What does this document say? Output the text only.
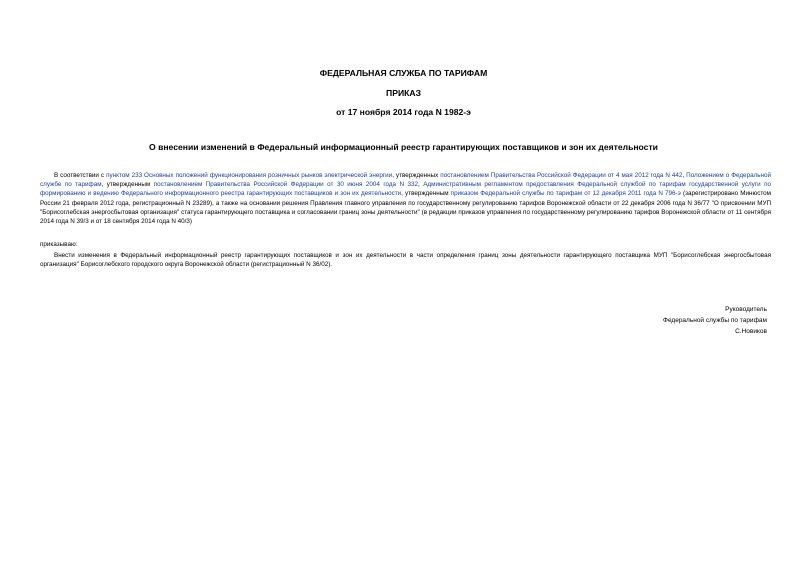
ФЕДЕРАЛЬНАЯ СЛУЖБА ПО ТАРИФАМ
ПРИКАЗ
от 17 ноября 2014 года N 1982-э
О внесении изменений в Федеральный информационный реестр гарантирующих поставщиков и зон их деятельности

В соответствии с пунктом 233 Основных положений функционирования розничных рынков электрической энергии, утвержденных постановлением Правительства Российской Федерации от 4 мая 2012 года N 442, Положением о Федеральной службе по тарифам, утвержденным постановлением Правительства Российской Федерации от 30 июня 2004 года N 332, Административным регламентом предоставления Федеральной службой по тарифам государственной услуги по формированию и ведению Федерального информационного реестра гарантирующих поставщиков и зон их деятельности, утвержденным приказом Федеральной службы по тарифам от 12 декабря 2011 года N 796-э (зарегистрировано Минюстом России 21 февраля 2012 года, регистрационный N 23289), а также на основании решения Правления главного управления по государственному регулированию тарифов Воронежской области от 22 декабря 2006 года N 36/77 "О присвоении МУП "Борисоглебская энергосбытовая организация" статуса гарантирующего поставщика и согласовании границ зоны деятельности" (в редакции приказов управления по государственному регулированию тарифов Воронежской области от 11 сентября 2014 года N 39/3 и от 18 сентября 2014 года N 40/3)

приказываю:

Внести изменения в Федеральный информационный реестр гарантирующих поставщиков и зон их деятельности в части определения границ зоны деятельности гарантирующего поставщика МУП "Борисоглебская энергосбытовая организация" Борисоглебского городского округа Воронежской области (регистрационный N 36/02).

Руководитель
Федеральной службы по тарифам
С.Новиков
